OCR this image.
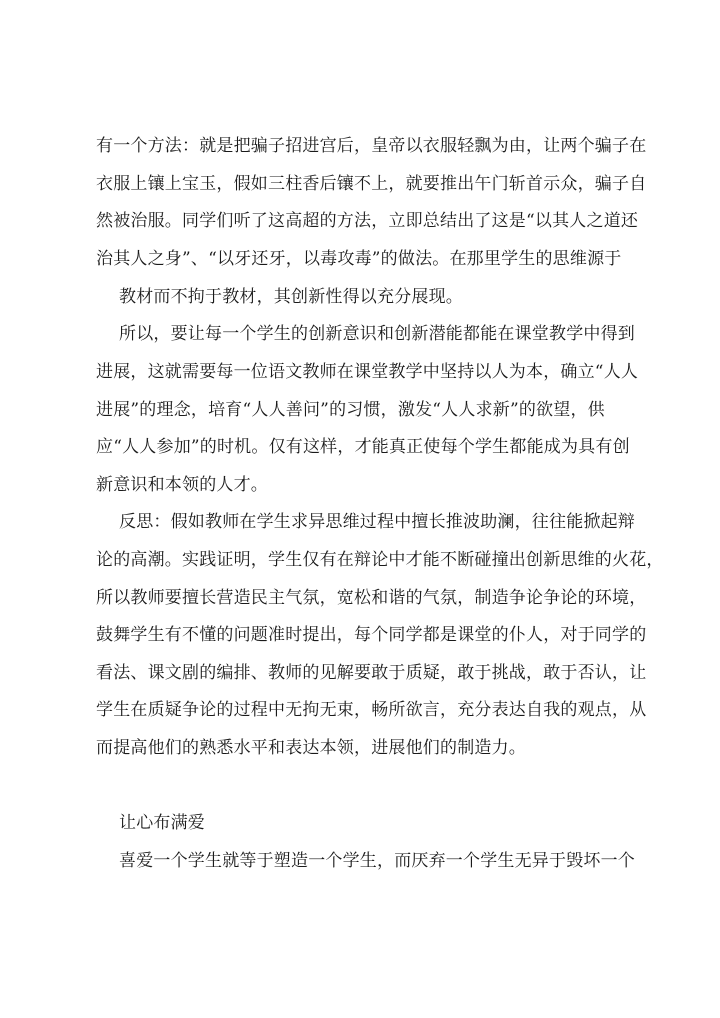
有一个方法：就是把骗子招进宫后，皇帝以衣服轻飘为由，让两个骗子在
衣服上镶上宝玉，假如三柱香后镶不上，就要推出午门斩首示众，骗子自
然被治服。同学们听了这高超的方法，立即总结出了这是“以其人之道还
治其人之身”、“以牙还牙，以毒攻毒”的做法。在那里学生的思维源于
教材而不拘于教材，其创新性得以充分展现。
所以，要让每一个学生的创新意识和创新潜能都能在课堂教学中得到
进展，这就需要每一位语文教师在课堂教学中坚持以人为本，确立“人人
进展”的理念，培育“人人善问”的习惯，激发“人人求新”的欲望，供
应“人人参加”的时机。仅有这样，才能真正使每个学生都能成为具有创
新意识和本领的人才。
反思：假如教师在学生求异思维过程中擅长推波助澜，往往能掀起辩
论的高潮。实践证明，学生仅有在辩论中才能不断碰撞出创新思维的火花，
所以教师要擅长营造民主气氛，宽松和谐的气氛，制造争论争论的环境，
鼓舞学生有不懂的问题准时提出，每个同学都是课堂的仆人，对于同学的
看法、课文剧的编排、教师的见解要敢于质疑，敢于挑战，敢于否认，让
学生在质疑争论的过程中无拘无束，畅所欲言，充分表达自我的观点，从
而提高他们的熟悉水平和表达本领，进展他们的制造力。
让心布满爱
喜爱一个学生就等于塑造一个学生，而厌弃一个学生无异于毁坏一个
